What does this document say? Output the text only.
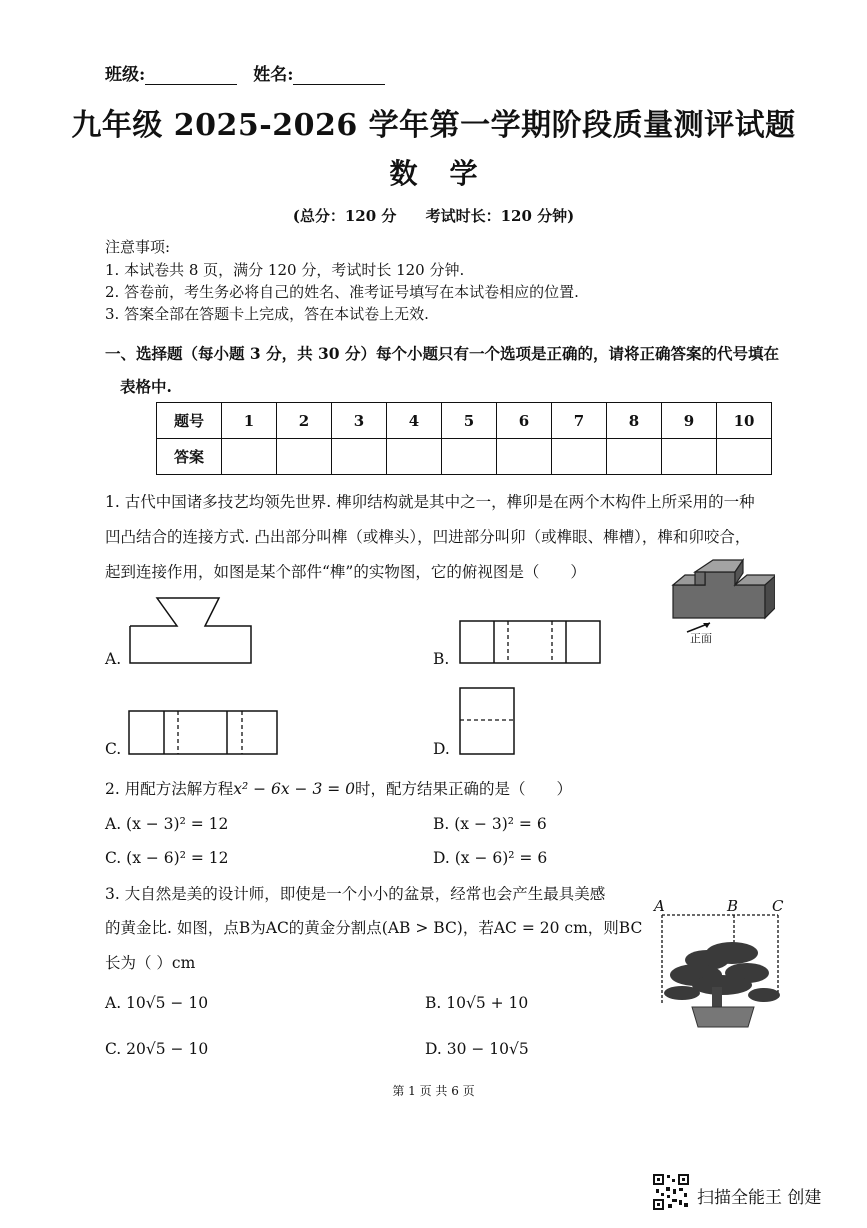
班级:	姓名:
九年级 2025-2026 学年第一学期阶段质量测评试题
数学
(总分：120 分 考试时长：120 分钟)
注意事项:
1. 本试卷共 8 页，满分 120 分，考试时长 120 分钟.
2. 答卷前，考生务必将自己的姓名、准考证号填写在本试卷相应的位置.
3. 答案全部在答题卡上完成，答在本试卷上无效.
一、选择题（每小题 3 分，共 30 分）每个小题只有一个选项是正确的，请将正确答案的代号填在
表格中.
题号	1	2	3	4	5	6	7	8	9	10
答案										
1. 古代中国诸多技艺均领先世界. 榫卯结构就是其中之一，榫卯是在两个木构件上所采用的一种
凹凸结合的连接方式. 凸出部分叫榫（或榫头），凹进部分叫卯（或榫眼、榫槽），榫和卯咬合，
起到连接作用，如图是某个部件“榫”的实物图，它的俯视图是（　　）
正面
A.	B.
C.	D.
2. 用配方法解方程x² − 6x − 3 = 0时，配方结果正确的是（　　）
A. (x − 3)² = 12	B. (x − 3)² = 6
C. (x − 6)² = 12	D. (x − 6)² = 6
3. 大自然是美的设计师，即使是一个小小的盆景，经常也会产生最具美感
的黄金比. 如图，点B为AC的黄金分割点(AB > BC)，若AC = 20 cm，则BC
长为（ ）cm
A	B C
A. 10√5 − 10	B. 10√5 + 10
C. 20√5 − 10	D. 30 − 10√5
第 1 页 共 6 页
扫描全能王 创建
